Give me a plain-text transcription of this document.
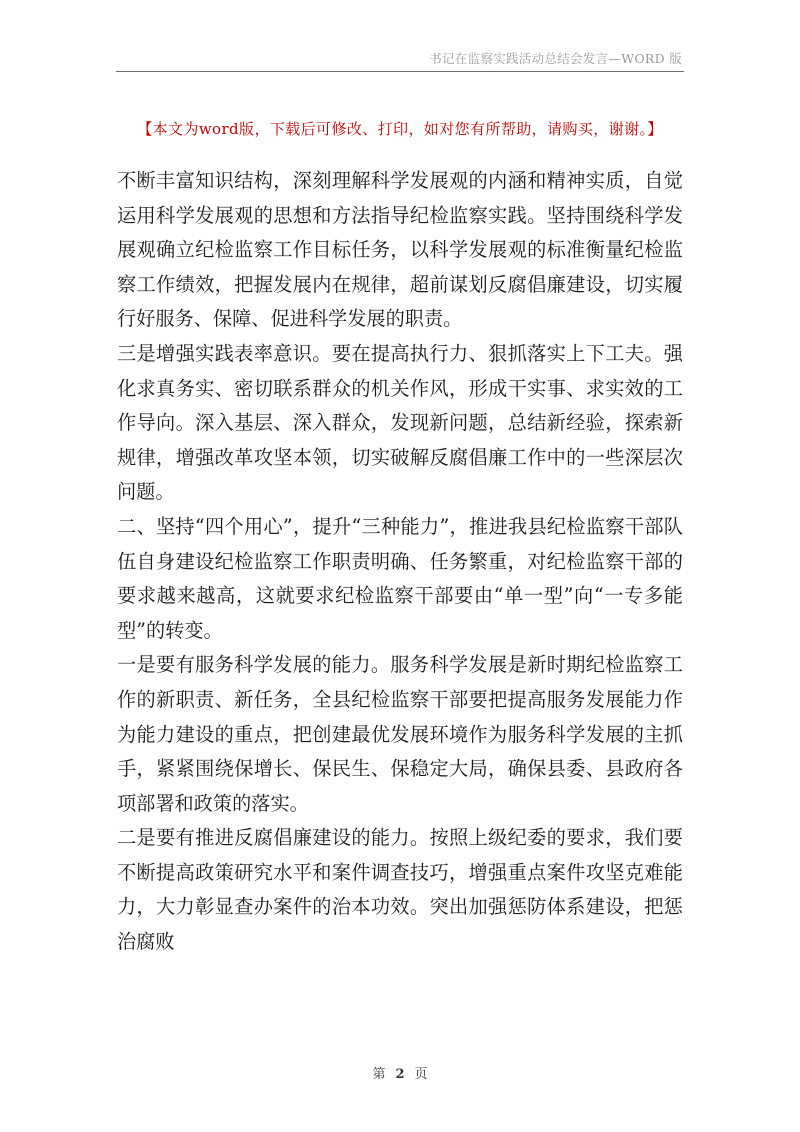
书记在监察实践活动总结会发言—WORD 版
【本文为word版，下载后可修改、打印，如对您有所帮助，请购买，谢谢。】

不断丰富知识结构，深刻理解科学发展观的内涵和精神实质，自觉运用科学发展观的思想和方法指导纪检监察实践。坚持围绕科学发展观确立纪检监察工作目标任务，以科学发展观的标准衡量纪检监察工作绩效，把握发展内在规律，超前谋划反腐倡廉建设，切实履行好服务、保障、促进科学发展的职责。

三是增强实践表率意识。要在提高执行力、狠抓落实上下工夫。强化求真务实、密切联系群众的机关作风，形成干实事、求实效的工作导向。深入基层、深入群众，发现新问题，总结新经验，探索新规律，增强改革攻坚本领，切实破解反腐倡廉工作中的一些深层次问题。

二、坚持“四个用心”，提升“三种能力”，推进我县纪检监察干部队伍自身建设纪检监察工作职责明确、任务繁重，对纪检监察干部的要求越来越高，这就要求纪检监察干部要由“单一型”向“一专多能型”的转变。

一是要有服务科学发展的能力。服务科学发展是新时期纪检监察工作的新职责、新任务，全县纪检监察干部要把提高服务发展能力作为能力建设的重点，把创建最优发展环境作为服务科学发展的主抓手，紧紧围绕保增长、保民生、保稳定大局，确保县委、县政府各项部署和政策的落实。

二是要有推进反腐倡廉建设的能力。按照上级纪委的要求，我们要不断提高政策研究水平和案件调查技巧，增强重点案件攻坚克难能力，大力彰显查办案件的治本功效。突出加强惩防体系建设，把惩治腐败

第 2 页
